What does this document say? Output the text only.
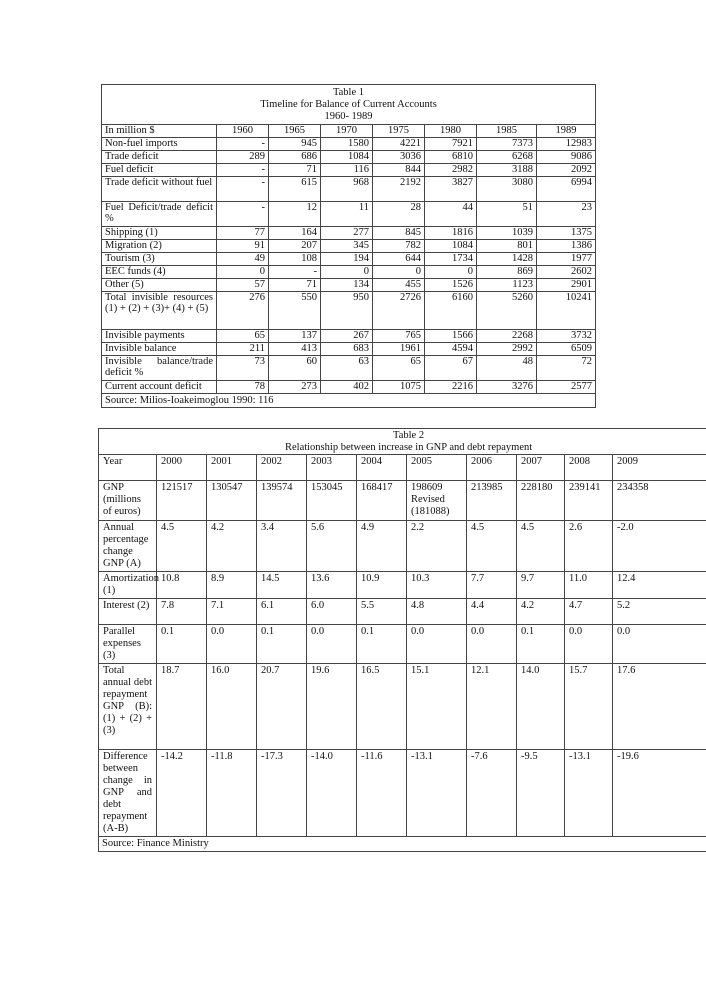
Table 1
Timeline for Balance of Current Accounts
1960- 1989							

In million $	1960	1965	1970	1975	1980	1985	1989
Non-fuel imports	-	945	1580	4221	7921	7373	12983
Trade deficit	289	686	1084	3036	6810	6268	9086
Fuel deficit	-	71	116	844	2982	3188	2092
Trade deficit without fuel	-	615	968	2192	3827	3080	6994
Fuel Deficit/trade deficit %	-	12	11	28	44	51	23
Shipping (1)	77	164	277	845	1816	1039	1375
Migration (2)	91	207	345	782	1084	801	1386
Tourism (3)	49	108	194	644	1734	1428	1977
EEC funds (4)	0	-	0	0	0	869	2602
Other (5)	57	71	134	455	1526	1123	2901
Total invisible resources (1) + (2) + (3)+ (4) + (5)	276	550	950	2726	6160	5260	10241
Invisible payments	65	137	267	765	1566	2268	3732
Invisible balance	211	413	683	1961	4594	2992	6509
Invisible balance/trade deficit %	73	60	63	65	67	48	72
Current account deficit	78	273	402	1075	2216	3276	2577
Source: Milios-Ioakeimoglou 1990: 116							
Table 2
Relationship between increase in GNP and debt repayment											

Year	2000	2001	2002	2003	2004	2005	2006	2007	2008	2009	
GNP (millions of euros)	121517	130547	139574	153045	168417	198609 Revised (181088)	213985	228180	239141	234358	
Annual percentage change GNP (A)	4.5	4.2	3.4	5.6	4.9	2.2	4.5	4.5	2.6	-2.0	
Amortization (1)	10.8	8.9	14.5	13.6	10.9	10.3	7.7	9.7	11.0	12.4	
Interest (2)	7.8	7.1	6.1	6.0	5.5	4.8	4.4	4.2	4.7	5.2	
Parallel expenses (3)	0.1	0.0	0.1	0.0	0.1	0.0	0.0	0.1	0.0	0.0	
Total annual debt repayment GNP (B): (1) + (2) + (3)	18.7	16.0	20.7	19.6	16.5	15.1	12.1	14.0	15.7	17.6	
Difference between change in GNP and debt repayment (A-B)	-14.2	-11.8	-17.3	-14.0	-11.6	-13.1	-7.6	-9.5	-13.1	-19.6	
Source: Finance Ministry											
